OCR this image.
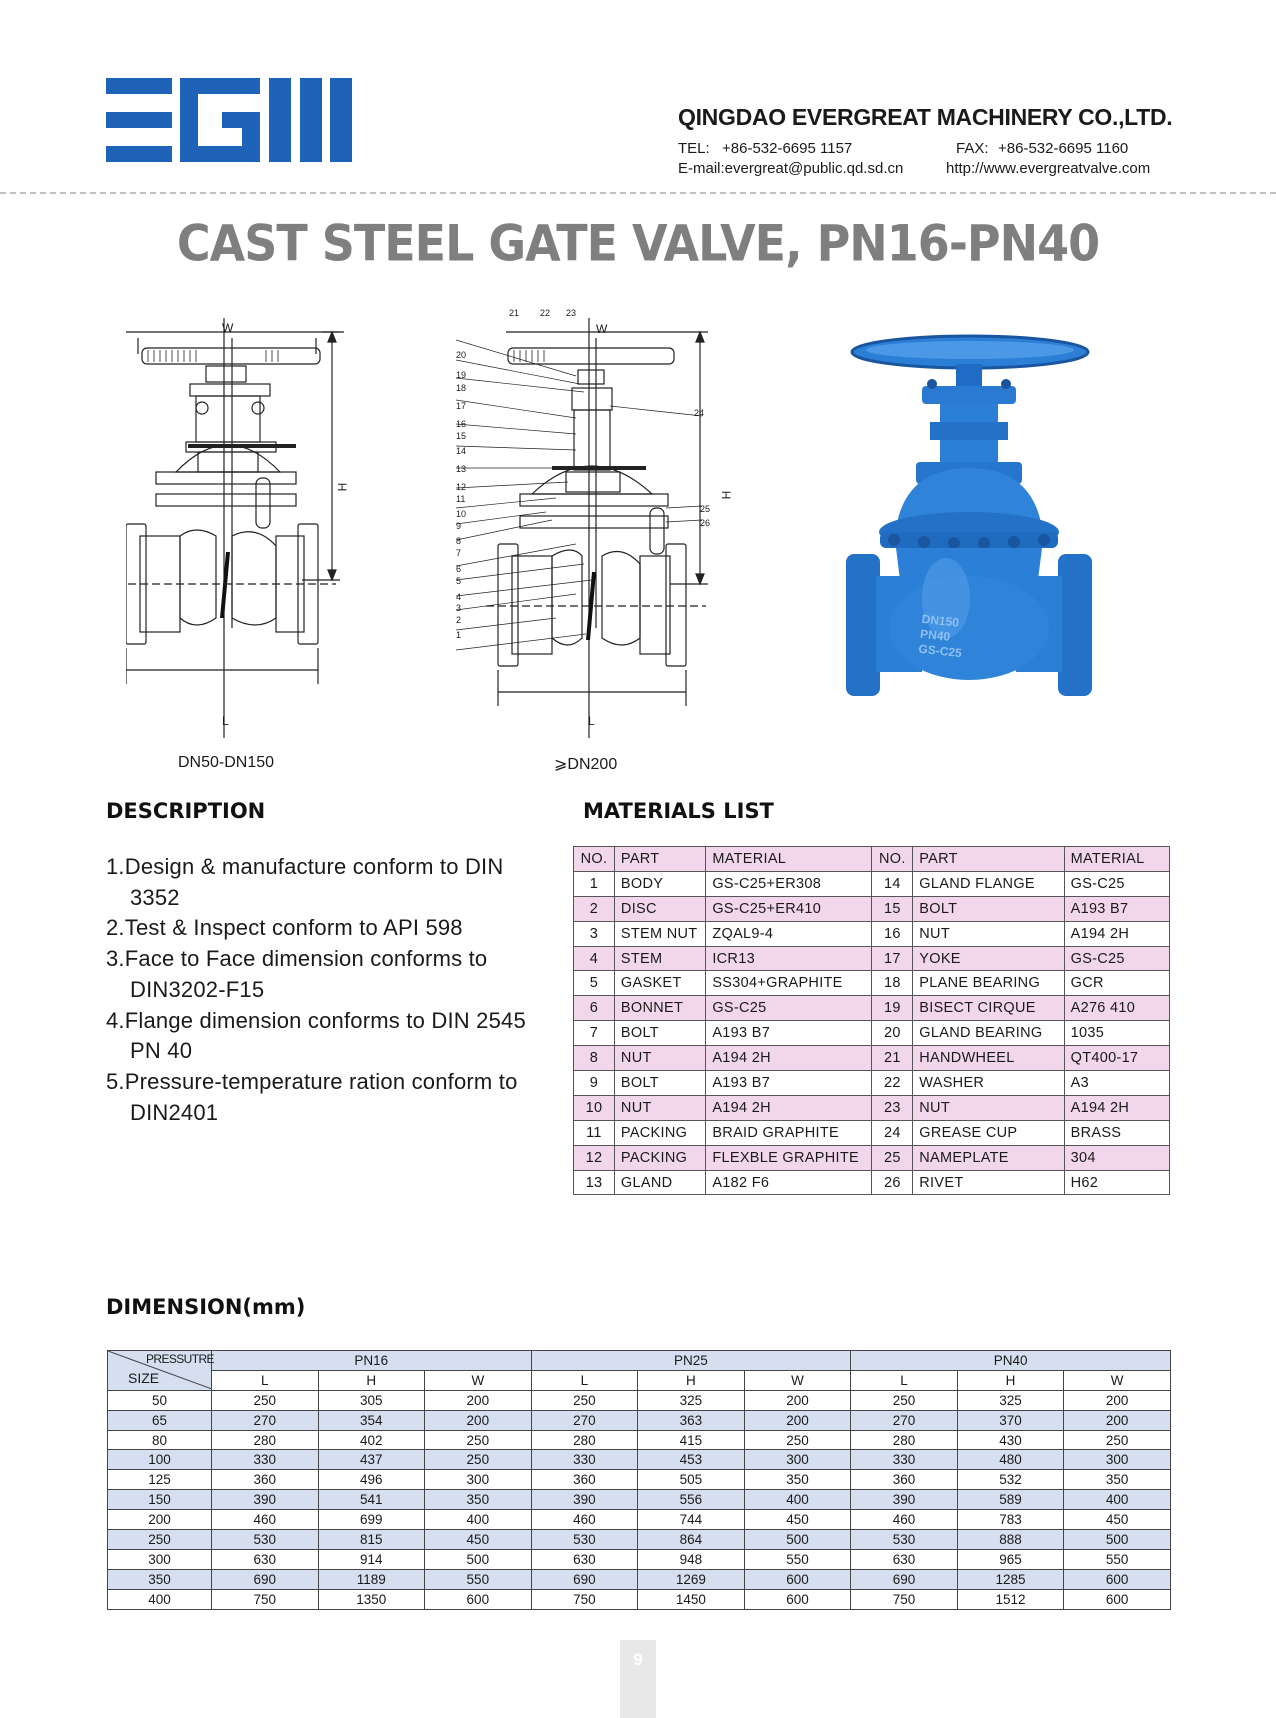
QINGDAO EVERGREAT MACHINERY CO.,LTD.
TEL: +86-532-6695 1157	FAX: +86-532-6695 1160
E-mail:evergreat@public.qd.sd.cn	http://www.evergreatvalve.com
CAST STEEL GATE VALVE, PN16-PN40
W
H
L
DN50-DN150
21 22 23
W
24
25
26
H
L
20
19
18
17
16
15
14
13
12
11
10
9
8
7
6
5
4
3
2
1
⩾DN200
DN150
PN40
GS-C25
DESCRIPTION
1.Design & manufacture conform to DIN 3352
2.Test & Inspect conform to API 598
3.Face to Face dimension conforms to DIN3202-F15
4.Flange dimension conforms to DIN 2545 PN 40
5.Pressure-temperature ration conform to DIN2401
MATERIALS LIST
NO.	PART	MATERIAL	NO.	PART	MATERIAL
1	BODY	GS-C25+ER308	14	GLAND FLANGE	GS-C25
2	DISC	GS-C25+ER410	15	BOLT	A193 B7
3	STEM NUT	ZQAL9-4	16	NUT	A194 2H
4	STEM	ICR13	17	YOKE	GS-C25
5	GASKET	SS304+GRAPHITE	18	PLANE BEARING	GCR
6	BONNET	GS-C25	19	BISECT CIRQUE	A276 410
7	BOLT	A193 B7	20	GLAND BEARING	1035
8	NUT	A194 2H	21	HANDWHEEL	QT400-17
9	BOLT	A193 B7	22	WASHER	A3
10	NUT	A194 2H	23	NUT	A194 2H
11	PACKING	BRAID GRAPHITE	24	GREASE CUP	BRASS
12	PACKING	FLEXBLE GRAPHITE	25	NAMEPLATE	304
13	GLAND	A182 F6	26	RIVET	H62
DIMENSION(mm)
PRESSUTRE
SIZE	PN16			PN25			PN40		
	L	H	W	L	H	W	L	H	W
50	250	305	200	250	325	200	250	325	200
65	270	354	200	270	363	200	270	370	200
80	280	402	250	280	415	250	280	430	250
100	330	437	250	330	453	300	330	480	300
125	360	496	300	360	505	350	360	532	350
150	390	541	350	390	556	400	390	589	400
200	460	699	400	460	744	450	460	783	450
250	530	815	450	530	864	500	530	888	500
300	630	914	500	630	948	550	630	965	550
350	690	1189	550	690	1269	600	690	1285	600
400	750	1350	600	750	1450	600	750	1512	600
9
